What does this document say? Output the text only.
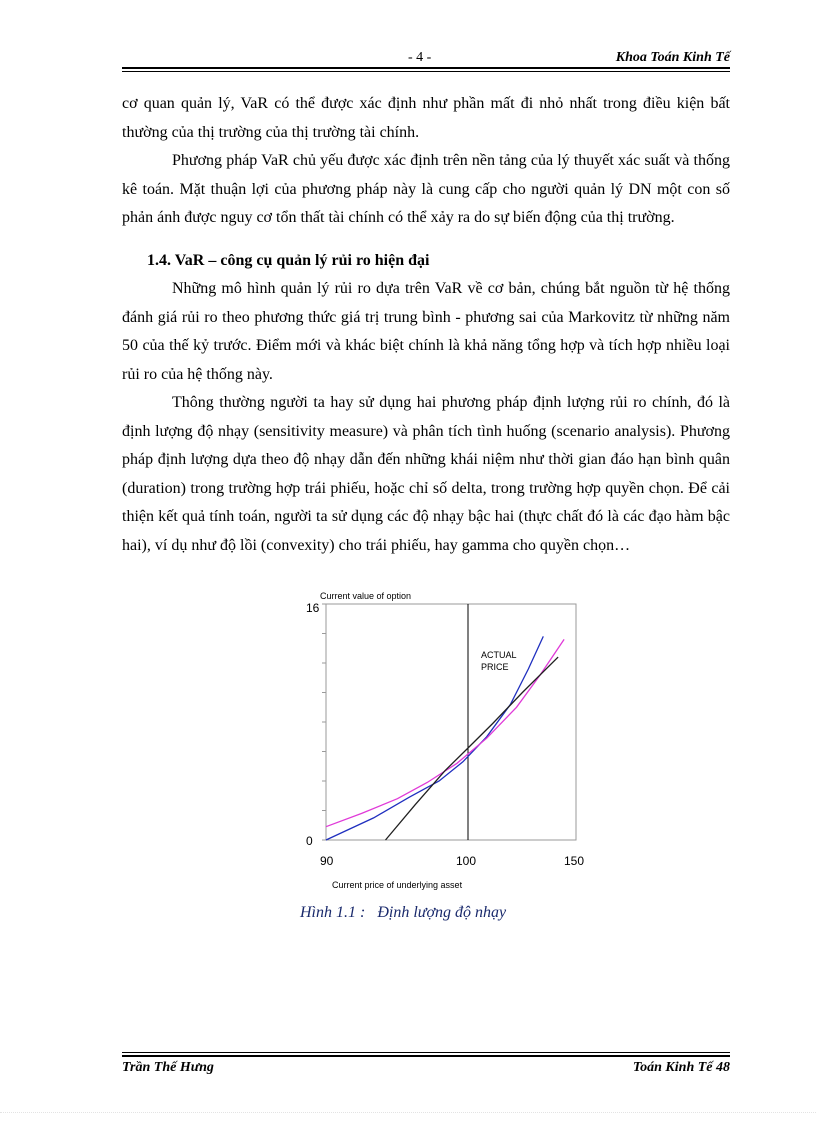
- 4 -	Khoa Toán Kinh Tế

cơ quan quản lý, VaR có thể được xác định như phần mất đi nhỏ nhất trong điều kiện bất thường của thị trường của thị trường tài chính.

Phương pháp VaR chủ yếu được xác định trên nền tảng của lý thuyết xác suất và thống kê toán. Mặt thuận lợi của phương pháp này là cung cấp cho người quản lý DN một con số phản ánh được nguy cơ tổn thất tài chính có thể xảy ra do sự biến động của thị trường.

1.4. VaR – công cụ quản lý rủi ro hiện đại

Những mô hình quản lý rủi ro dựa trên VaR về cơ bản, chúng bắt nguồn từ hệ thống đánh giá rủi ro theo phương thức giá trị trung bình - phương sai của Markovitz từ những năm 50 của thế kỷ trước. Điểm mới và khác biệt chính là khả năng tổng hợp và tích hợp nhiều loại rủi ro của hệ thống này.

Thông thường người ta hay sử dụng hai phương pháp định lượng rủi ro chính, đó là định lượng độ nhạy (sensitivity measure) và phân tích tình huống (scenario analysis). Phương pháp định lượng dựa theo độ nhạy dẫn đến những khái niệm như thời gian đáo hạn bình quân (duration) trong trường hợp trái phiếu, hoặc chỉ số delta, trong trường hợp quyền chọn. Để cải thiện kết quả tính toán, người ta sử dụng các độ nhạy bậc hai (thực chất đó là các đạo hàm bậc hai), ví dụ như độ lồi (convexity) cho trái phiếu, hay gamma cho quyền chọn…

Current value of option
Current price of underlying asset
16
0
90	100	150
ACTUAL
PRICE
Hình 1.1 : Định lượng độ nhạy
Trần Thế Hưng	Toán Kinh Tế 48
